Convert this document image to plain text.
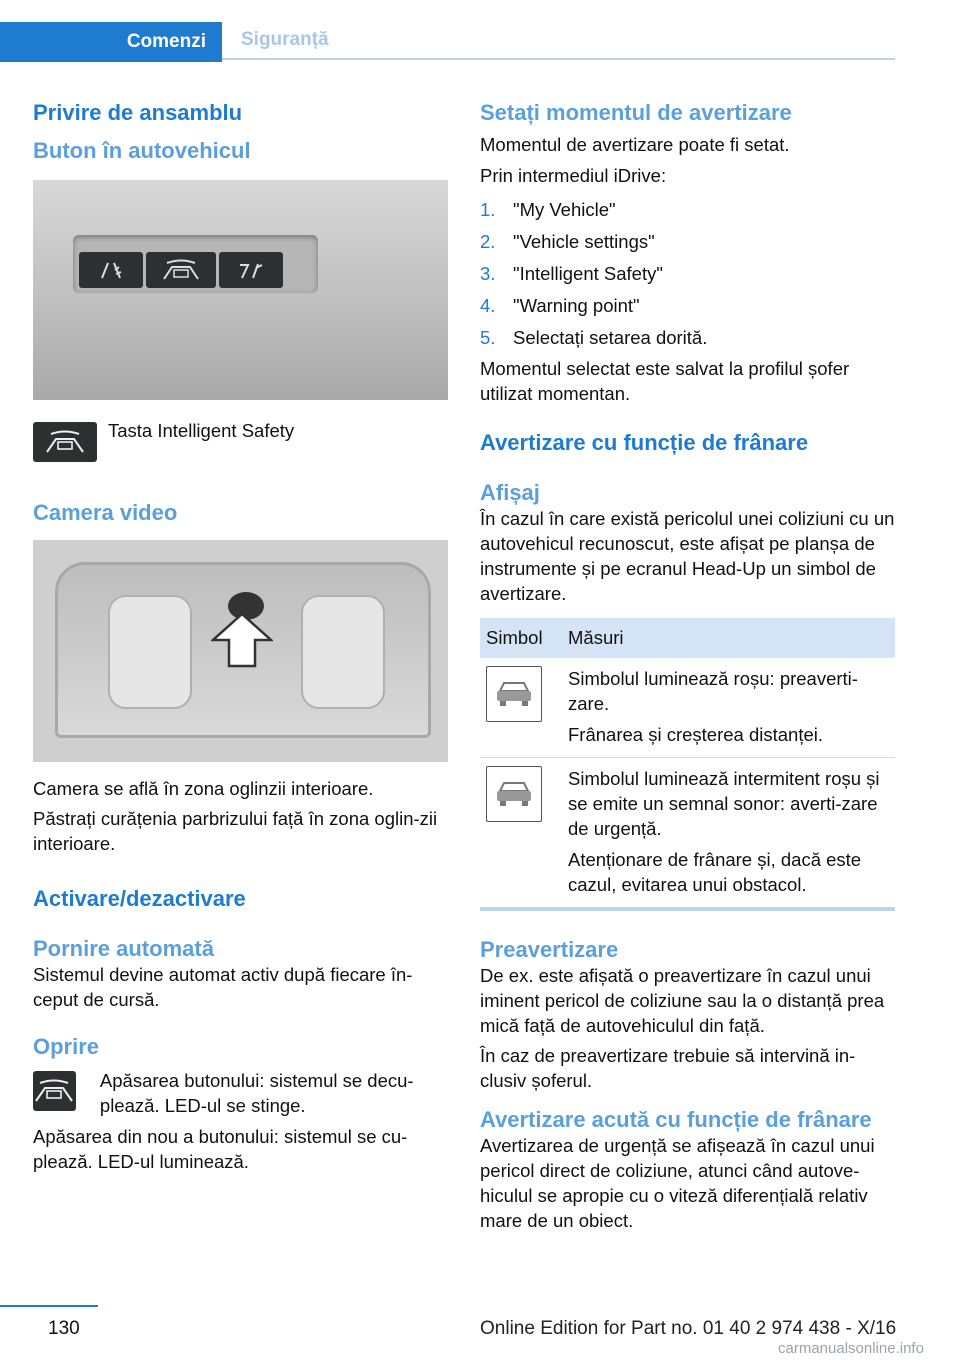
Comenzi	Siguranță
Privire de ansamblu
Buton în autovehicul

Tasta Intelligent Safety

Camera video

Camera se află în zona oglinzii interioare.

Păstrați curățenia parbrizului față în zona oglin-zii interioare.

Activare/dezactivare
Pornire automată

Sistemul devine automat activ după fiecare în-ceput de cursă.

Oprire

Apăsarea butonului: sistemul se decu-plează. LED-ul se stinge.

Apăsarea din nou a butonului: sistemul se cu-plează. LED-ul luminează.

Setați momentul de avertizare

Momentul de avertizare poate fi setat.

Prin intermediul iDrive:

1. "My Vehicle"
2. "Vehicle settings"
3. "Intelligent Safety"
4. "Warning point"
5. Selectați setarea dorită.

Momentul selectat este salvat la profilul șofer utilizat momentan.

Avertizare cu funcție de frânare
Afișaj

În cazul în care există pericolul unei coliziuni cu un autovehicul recunoscut, este afișat pe planșa de instrumente și pe ecranul Head-Up un simbol de avertizare.

Simbol	Măsuri

Simbolul luminează roșu: preaverti-zare.
Frânarea și creșterea distanței.

Simbolul luminează intermitent roșu și se emite un semnal sonor: averti-zare de urgență.
Atenționare de frânare și, dacă este cazul, evitarea unui obstacol.
Preavertizare

De ex. este afișată o preavertizare în cazul unui iminent pericol de coliziune sau la o distanță prea mică față de autovehiculul din față.

În caz de preavertizare trebuie să intervină in-clusiv șoferul.

Avertizare acută cu funcție de frânare

Avertizarea de urgență se afișează în cazul unui pericol direct de coliziune, atunci când autove-hiculul se apropie cu o viteză diferențială relativ mare de un obiect.

130	Online Edition for Part no. 01 40 2 974 438 - X/16
carmanualsonline.info
